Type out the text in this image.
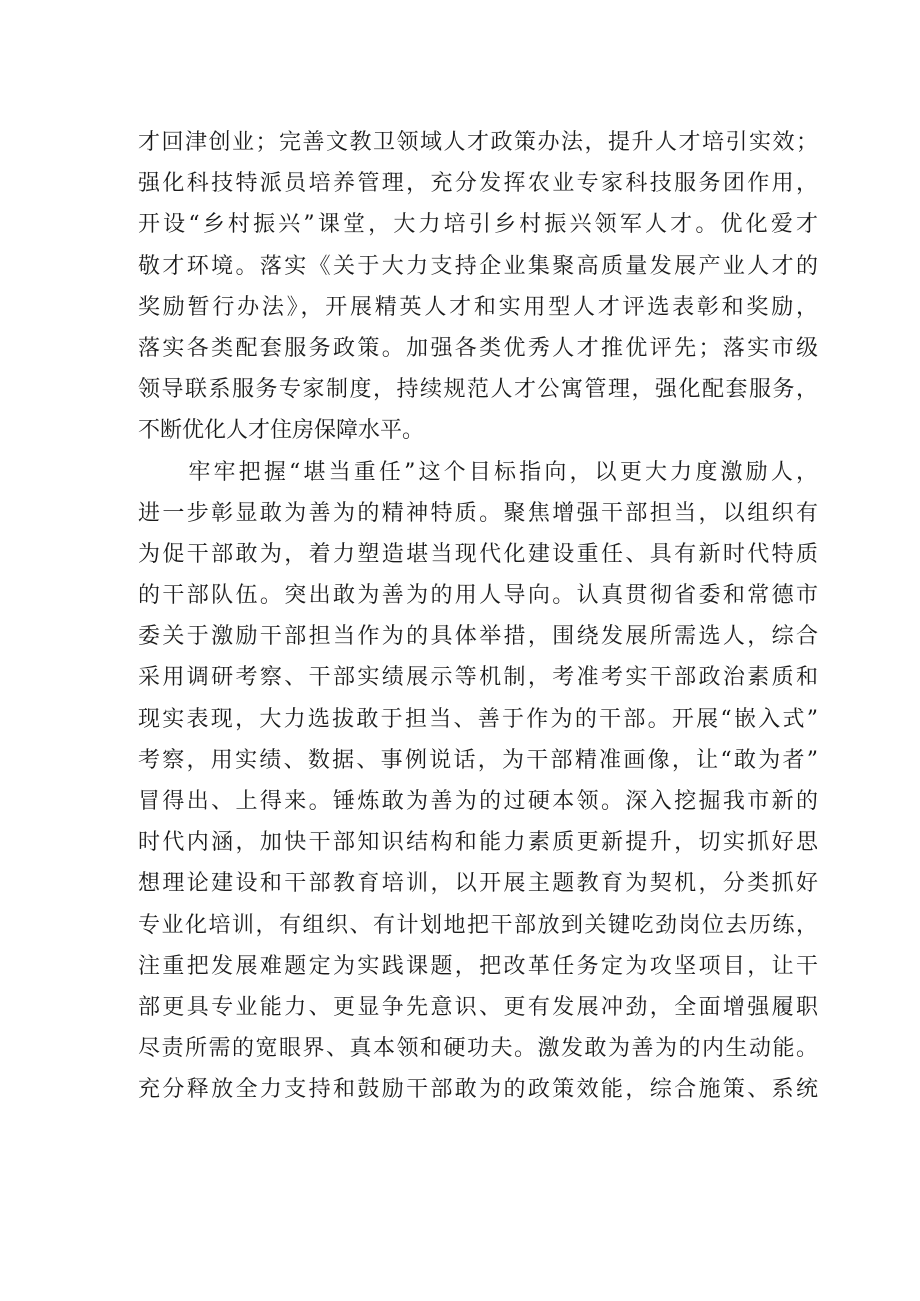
才回津创业；完善文教卫领域人才政策办法，提升人才培引实效；
强化科技特派员培养管理，充分发挥农业专家科技服务团作用，
开设“乡村振兴”课堂，大力培引乡村振兴领军人才。优化爱才
敬才环境。落实《关于大力支持企业集聚高质量发展产业人才的
奖励暂行办法》，开展精英人才和实用型人才评选表彰和奖励，
落实各类配套服务政策。加强各类优秀人才推优评先；落实市级
领导联系服务专家制度，持续规范人才公寓管理，强化配套服务，
不断优化人才住房保障水平。
　　牢牢把握“堪当重任”这个目标指向，以更大力度激励人，
进一步彰显敢为善为的精神特质。聚焦增强干部担当，以组织有
为促干部敢为，着力塑造堪当现代化建设重任、具有新时代特质
的干部队伍。突出敢为善为的用人导向。认真贯彻省委和常德市
委关于激励干部担当作为的具体举措，围绕发展所需选人，综合
采用调研考察、干部实绩展示等机制，考准考实干部政治素质和
现实表现，大力选拔敢于担当、善于作为的干部。开展“嵌入式”
考察，用实绩、数据、事例说话，为干部精准画像，让“敢为者”
冒得出、上得来。锤炼敢为善为的过硬本领。深入挖掘我市新的
时代内涵，加快干部知识结构和能力素质更新提升，切实抓好思
想理论建设和干部教育培训，以开展主题教育为契机，分类抓好
专业化培训，有组织、有计划地把干部放到关键吃劲岗位去历练，
注重把发展难题定为实践课题，把改革任务定为攻坚项目，让干
部更具专业能力、更显争先意识、更有发展冲劲，全面增强履职
尽责所需的宽眼界、真本领和硬功夫。激发敢为善为的内生动能。
充分释放全力支持和鼓励干部敢为的政策效能，综合施策、系统
